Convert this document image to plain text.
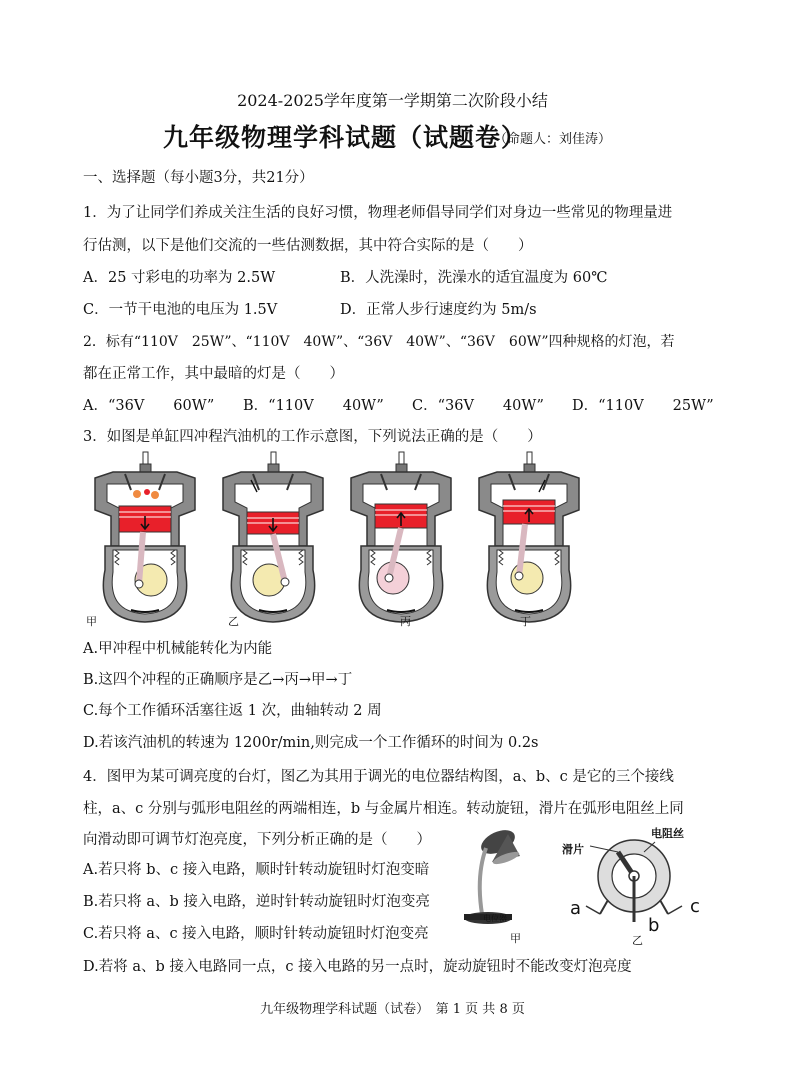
2024-2025学年度第一学期第二次阶段小结
九年级物理学科试题（试题卷）
（命题人：刘佳涛）
一、选择题（每小题3分，共21分）
1．为了让同学们养成关注生活的良好习惯，物理老师倡导同学们对身边一些常见的物理量进
行估测，以下是他们交流的一些估测数据，其中符合实际的是（　　）
A．25 寸彩电的功率为 2.5W	B．人洗澡时，洗澡水的适宜温度为 60℃
C．一节干电池的电压为 1.5V	D．正常人步行速度约为 5m/s
2．标有“110V　25W”、“110V　40W”、“36V　40W”、“36V　60W”四种规格的灯泡，若
都在正常工作，其中最暗的灯是（　　）
A．“36V　　60W” B．“110V　　40W” C．“36V　　40W” D．“110V　　25W”
3．如图是单缸四冲程汽油机的工作示意图，下列说法正确的是（　　）
甲	乙	丙	丁
A.甲冲程中机械能转化为内能
B.这四个冲程的正确顺序是乙→丙→甲→丁
C.每个工作循环活塞往返 1 次，曲轴转动 2 周
D.若该汽油机的转速为 1200r/min,则完成一个工作循环的时间为 0.2s
4．图甲为某可调亮度的台灯，图乙为其用于调光的电位器结构图，a、b、c 是它的三个接线
柱，a、c 分别与弧形电阻丝的两端相连，b 与金属片相连。转动旋钮，滑片在弧形电阻丝上同
向滑动即可调节灯泡亮度，下列分析正确的是（　　）
A.若只将 b、c 接入电路，顺时针转动旋钮时灯泡变暗
B.若只将 a、b 接入电路，逆时针转动旋钮时灯泡变亮
C.若只将 a、c 接入电路，顺时针转动旋钮时灯泡变亮
D.若将 a、b 接入电路同一点，c 接入电路的另一点时，旋动旋钮时不能改变灯泡亮度
电位器
甲
电阻丝
滑片
a
b
c
乙
九年级物理学科试题（试卷）　第 1 页 共 8 页
